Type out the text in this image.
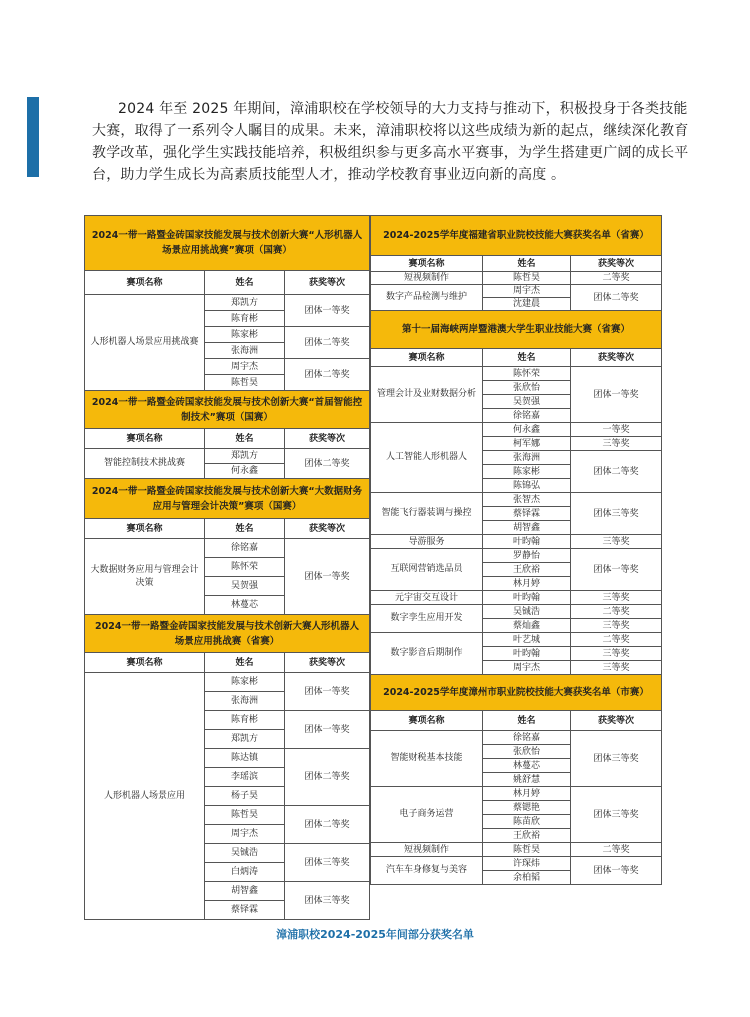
2024 年至 2025 年期间，漳浦职校在学校领导的大力支持与推动下，积极投身于各类技能大赛，取得了一系列令人瞩目的成果。未来，漳浦职校将以这些成绩为新的起点，继续深化教育教学改革，强化学生实践技能培养，积极组织参与更多高水平赛事，为学生搭建更广阔的成长平台，助力学生成长为高素质技能型人才，推动学校教育事业迈向新的高度 。
2024一带一路暨金砖国家技能发展与技术创新大赛“人形机器人场景应用挑战赛”赛项（国赛）		
赛项名称	姓名	获奖等次
人形机器人场景应用挑战赛	郑凯方	团体一等奖
	陈育彬	
	陈家彬	团体二等奖
	张海洲	
	周宇杰	团体二等奖
	陈哲昊	
2024一带一路暨金砖国家技能发展与技术创新大赛“首届智能控制技术”赛项（国赛）		
赛项名称	姓名	获奖等次
智能控制技术挑战赛	郑凯方	团体二等奖
	何永鑫	
2024一带一路暨金砖国家技能发展与技术创新大赛“大数据财务应用与管理会计决策”赛项（国赛）		
赛项名称	姓名	获奖等次
大数据财务应用与管理会计决策	徐铭嘉	团体一等奖
	陈怀荣	
	吴贺强	
	林蔓芯	
2024一带一路暨金砖国家技能发展与技术创新大赛人形机器人场景应用挑战赛（省赛）		
赛项名称	姓名	获奖等次
人形机器人场景应用	陈家彬	团体一等奖
	张海洲	
	陈育彬	团体一等奖
	郑凯方	
	陈达镇	团体二等奖
	李瑶滨	
	杨子昊	
	陈哲昊	团体二等奖
	周宇杰	
	吴铖浩	团体三等奖
	白炳涛	
	胡智鑫	团体三等奖
	蔡铎霖	
2024-2025学年度福建省职业院校技能大赛获奖名单（省赛）		
赛项名称	姓名	获奖等次
短视频制作	陈哲昊	二等奖
数字产品检测与维护	周宇杰	团体二等奖
	沈建晨	
第十一届海峡两岸暨港澳大学生职业技能大赛（省赛）		
赛项名称	姓名	获奖等次
管理会计及业财数据分析	陈怀荣	团体一等奖
	张欣怡	
	吴贺强	
	徐铭嘉	
人工智能人形机器人	何永鑫	一等奖
	柯军娜	三等奖
	张海洲	团体二等奖
	陈家彬	
	陈锦弘	
智能飞行器装调与操控	张智杰	团体三等奖
	蔡铎霖	
	胡智鑫	
导游服务	叶昀翰	三等奖
互联网营销选品员	罗静怡	团体一等奖
	王欣裕	
	林月婷	
元宇宙交互设计	叶昀翰	三等奖
数字孪生应用开发	吴铖浩	二等奖
	蔡灿鑫	三等奖
数字影音后期制作	叶艺城	二等奖
	叶昀翰	三等奖
	周宇杰	三等奖
2024-2025学年度漳州市职业院校技能大赛获奖名单（市赛）		
赛项名称	姓名	获奖等次
智能财税基本技能	徐铭嘉	团体三等奖
	张欣怡	
	林蔓芯	
	姚舒慧	
电子商务运营	林月婷	团体三等奖
	蔡锶艳	
	陈苗欣	
	王欣裕	
短视频制作	陈哲昊	二等奖
汽车车身修复与美容	许琛炜	团体一等奖
	余柏韬	
漳浦职校2024-2025年间部分获奖名单
